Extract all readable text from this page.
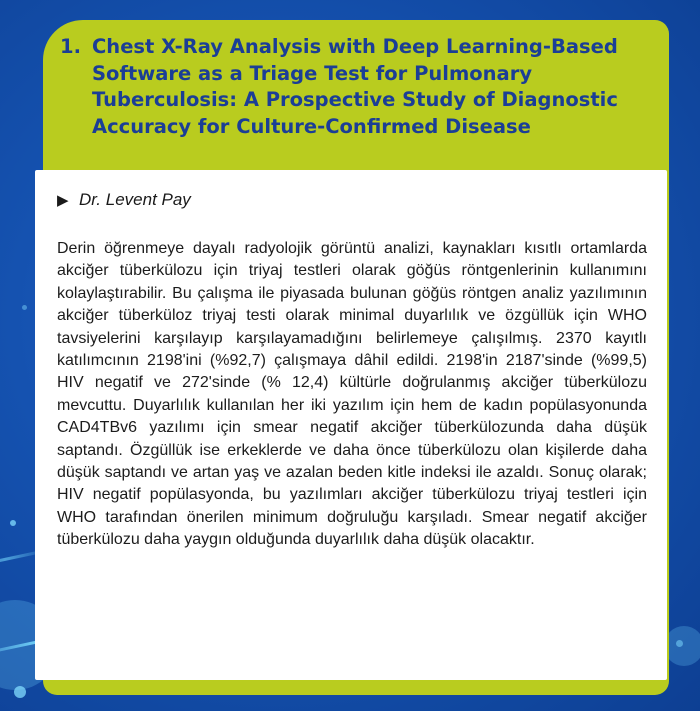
1. Chest X-Ray Analysis with Deep Learning-Based Software as a Triage Test for Pulmonary Tuberculosis: A Prospective Study of Diagnostic Accuracy for Culture-Confirmed Disease

▶ Dr. Levent Pay

Derin öğrenmeye dayalı radyolojik görüntü analizi, kaynakları kısıtlı ortamlarda akciğer tüberkülozu için triyaj testleri olarak göğüs röntgenlerinin kullanımını kolaylaştırabilir. Bu çalışma ile piyasada bulunan göğüs röntgen analiz yazılımının akciğer tüberküloz triyaj testi olarak minimal duyarlılık ve özgüllük için WHO tavsiyelerini karşılayıp karşılayamadığını belirlemeye çalışılmış. 2370 kayıtlı katılımcının 2198'ini (%92,7) çalışmaya dâhil edildi. 2198'in 2187'sinde (%99,5) HIV negatif ve 272'sinde (% 12,4) kültürle doğrulanmış akciğer tüberkülozu mevcuttu. Duyarlılık kullanılan her iki yazılım için hem de kadın popülasyonunda CAD4TBv6 yazılımı için smear negatif akciğer tüberkülozunda daha düşük saptandı. Özgüllük ise erkeklerde ve daha önce tüberkülozu olan kişilerde daha düşük saptandı ve artan yaş ve azalan beden kitle indeksi ile azaldı. Sonuç olarak; HIV negatif popülasyonda, bu yazılımları akciğer tüberkülozu triyaj testleri için WHO tarafından önerilen minimum doğruluğu karşıladı. Smear negatif akciğer tüberkülozu daha yaygın olduğunda duyarlılık daha düşük olacaktır.
